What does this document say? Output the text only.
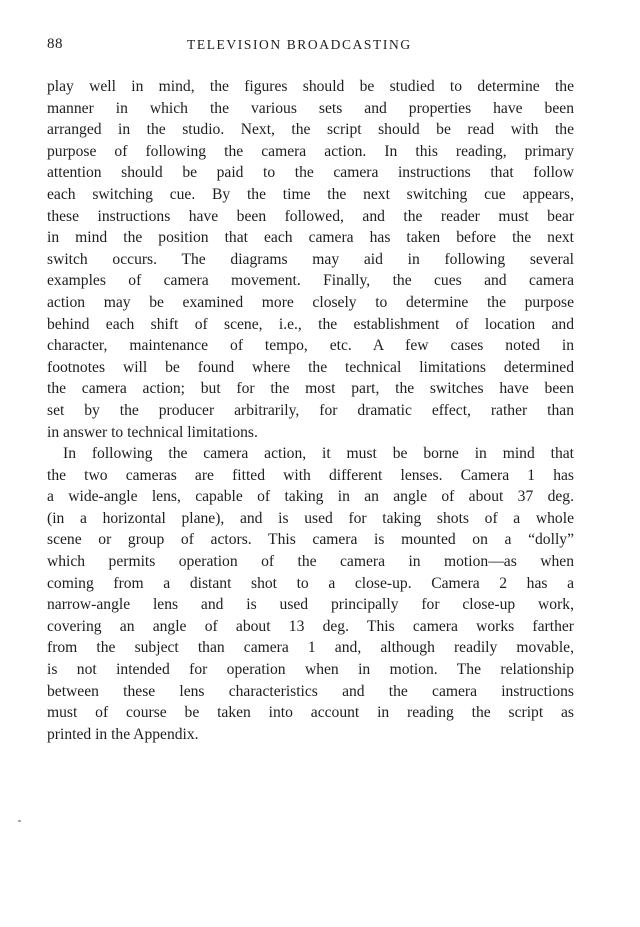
88	TELEVISION BROADCASTING

play well in mind, the figures should be studied to determine the
manner in which the various sets and properties have been
arranged in the studio. Next, the script should be read with the
purpose of following the camera action. In this reading, primary
attention should be paid to the camera instructions that follow
each switching cue. By the time the next switching cue appears,
these instructions have been followed, and the reader must bear
in mind the position that each camera has taken before the next
switch occurs. The diagrams may aid in following several
examples of camera movement. Finally, the cues and camera
action may be examined more closely to determine the purpose
behind each shift of scene, i.e., the establishment of location and
character, maintenance of tempo, etc. A few cases noted in
footnotes will be found where the technical limitations determined
the camera action; but for the most part, the switches have been
set by the producer arbitrarily, for dramatic effect, rather than
in answer to technical limitations.

In following the camera action, it must be borne in mind that
the two cameras are fitted with different lenses. Camera 1 has
a wide-angle lens, capable of taking in an angle of about 37 deg.
(in a horizontal plane), and is used for taking shots of a whole
scene or group of actors. This camera is mounted on a “dolly”
which permits operation of the camera in motion—as when
coming from a distant shot to a close-up. Camera 2 has a
narrow-angle lens and is used principally for close-up work,
covering an angle of about 13 deg. This camera works farther
from the subject than camera 1 and, although readily movable,
is not intended for operation when in motion. The relationship
between these lens characteristics and the camera instructions
must of course be taken into account in reading the script as
printed in the Appendix.
